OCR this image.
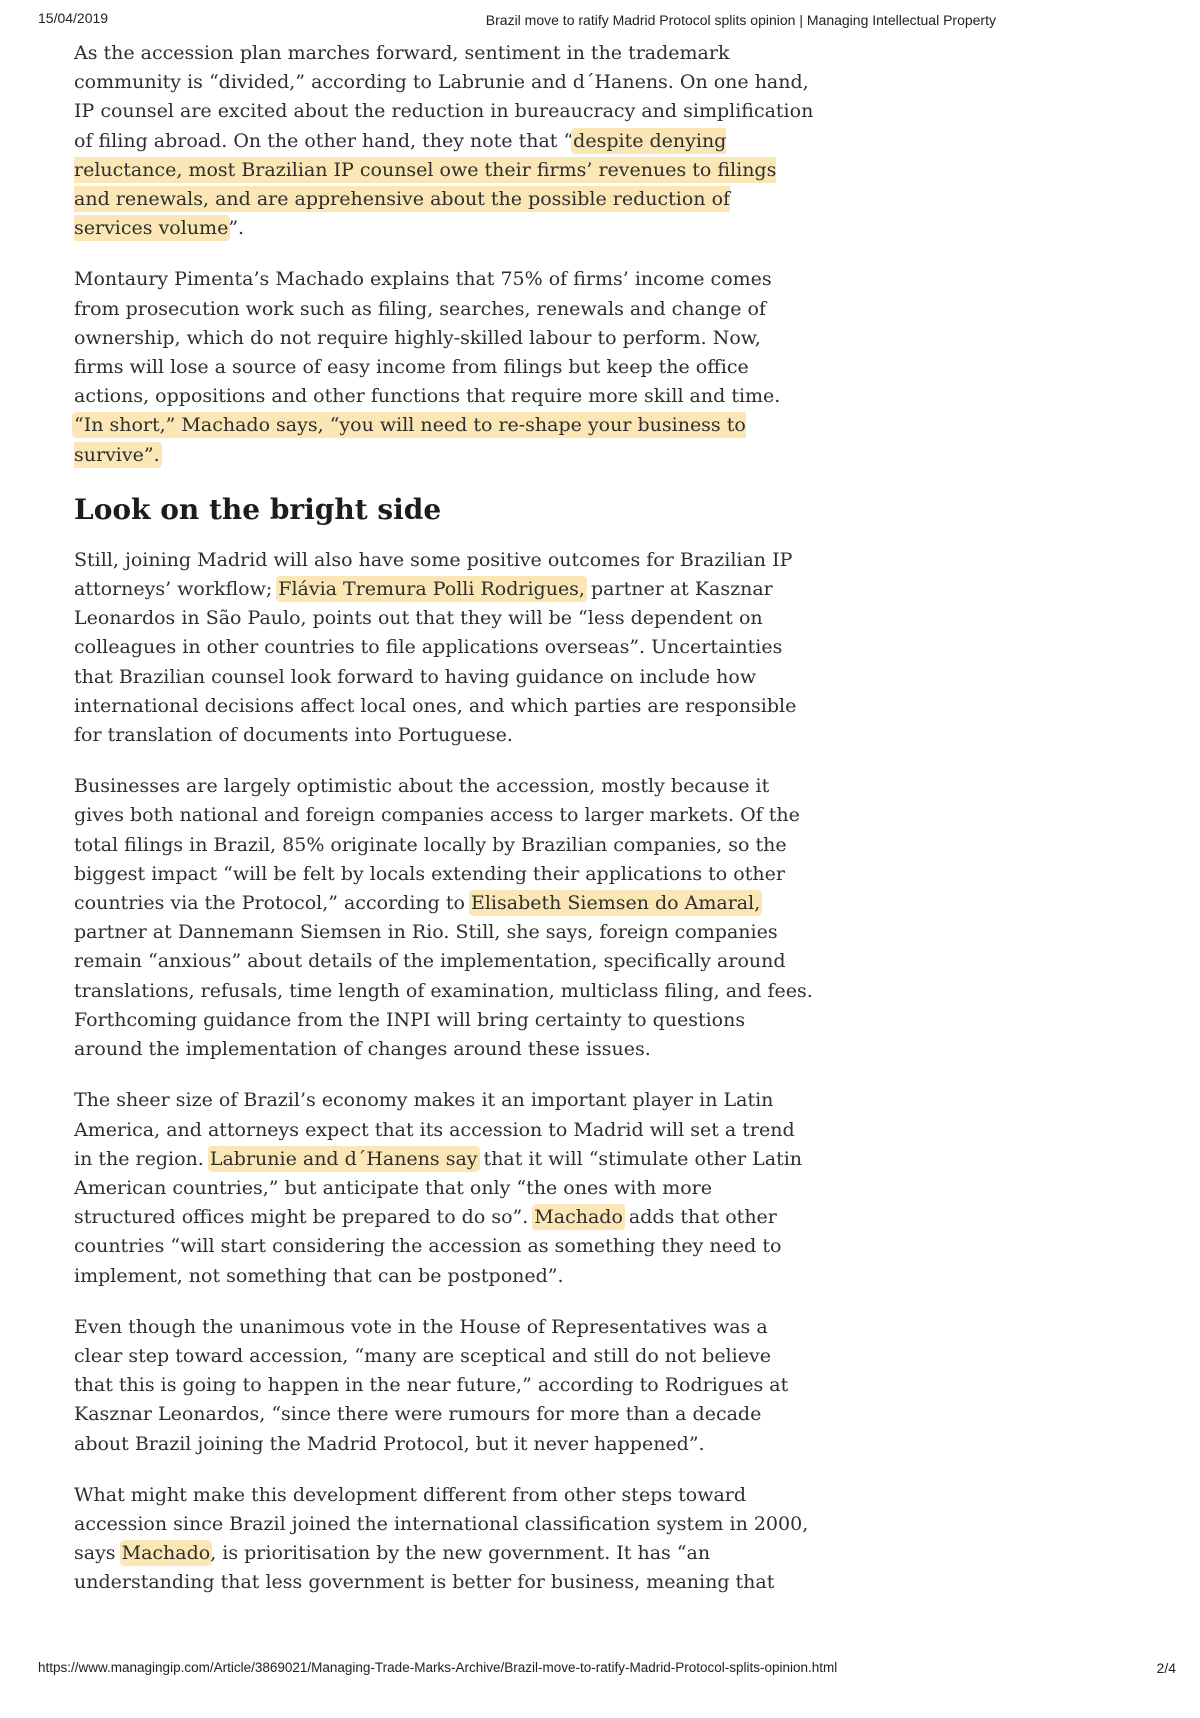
15/04/2019	Brazil move to ratify Madrid Protocol splits opinion | Managing Intellectual Property

As the accession plan marches forward, sentiment in the trademark community is “divided,” according to Labrunie and d´Hanens. On one hand, IP counsel are excited about the reduction in bureaucracy and simplification of filing abroad. On the other hand, they note that “despite denying reluctance, most Brazilian IP counsel owe their firms’ revenues to filings and renewals, and are apprehensive about the possible reduction of services volume”.

Montaury Pimenta’s Machado explains that 75% of firms’ income comes from prosecution work such as filing, searches, renewals and change of ownership, which do not require highly-skilled labour to perform. Now, firms will lose a source of easy income from filings but keep the office actions, oppositions and other functions that require more skill and time. “In short,” Machado says, “you will need to re-shape your business to survive”.

Look on the bright side

Still, joining Madrid will also have some positive outcomes for Brazilian IP attorneys’ workflow; Flávia Tremura Polli Rodrigues, partner at Kasznar Leonardos in São Paulo, points out that they will be “less dependent on colleagues in other countries to file applications overseas”. Uncertainties that Brazilian counsel look forward to having guidance on include how international decisions affect local ones, and which parties are responsible for translation of documents into Portuguese.

Businesses are largely optimistic about the accession, mostly because it gives both national and foreign companies access to larger markets. Of the total filings in Brazil, 85% originate locally by Brazilian companies, so the biggest impact “will be felt by locals extending their applications to other countries via the Protocol,” according to Elisabeth Siemsen do Amaral, partner at Dannemann Siemsen in Rio. Still, she says, foreign companies remain “anxious” about details of the implementation, specifically around translations, refusals, time length of examination, multiclass filing, and fees. Forthcoming guidance from the INPI will bring certainty to questions around the implementation of changes around these issues.

The sheer size of Brazil’s economy makes it an important player in Latin America, and attorneys expect that its accession to Madrid will set a trend in the region. Labrunie and d´Hanens say that it will “stimulate other Latin American countries,” but anticipate that only “the ones with more structured offices might be prepared to do so”. Machado adds that other countries “will start considering the accession as something they need to implement, not something that can be postponed”.

Even though the unanimous vote in the House of Representatives was a clear step toward accession, “many are sceptical and still do not believe that this is going to happen in the near future,” according to Rodrigues at Kasznar Leonardos, “since there were rumours for more than a decade about Brazil joining the Madrid Protocol, but it never happened”.

What might make this development different from other steps toward accession since Brazil joined the international classification system in 2000, says Machado, is prioritisation by the new government. It has “an understanding that less government is better for business, meaning that

https://www.managingip.com/Article/3869021/Managing-Trade-Marks-Archive/Brazil-move-to-ratify-Madrid-Protocol-splits-opinion.html	2/4
